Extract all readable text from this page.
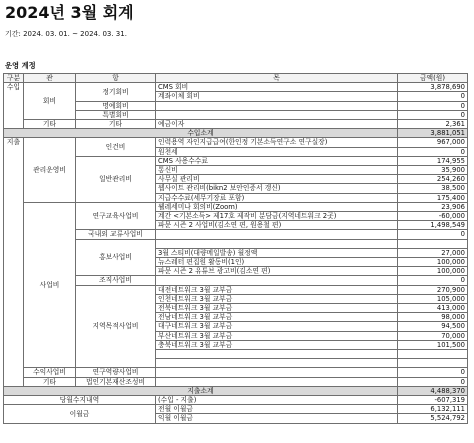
2024년 3월 회계
기간: 2024. 03. 01. ~ 2024. 03. 31.
운영 계정
구분	관	항	목	금액(원)
수입	회비	정기회비	CMS 회비	3,878,690
			계좌이체 회비	0
		명예회비		0
		특별회비		0
	기타	기타	예금이자	2,361
수입소계				3,881,051
지출	관리운영비	인건비	인력용역 자인지급급여(한인정 기본소득연구소 연구실장)	967,000
			원천세	0
		일반관리비	CMS 사용수수료	174,955
			통신비	35,900
			사무실 관리비	254,260
			웹사이트 관리비(bikn2 보안인증서 갱신)	38,500
			지급수수료(세무기장료 포함)	175,400
	사업비	연구교육사업비	웰레세미나 회의비(Zoom)	23,906
			계간 <기본소득> 제17호 제작비 분담금(지역네트워크 2곳)	-60,000
			파문 시즌 2 사업비(김소연 편, 원용철 편)	1,498,549
		국내외 교류사업비		0
		홍보사업비		
			3월 스티비(대량메일발송) 월정액	27,000
			뉴스레터 편집원 활동비(1인)	100,000
			파문 시즌 2 유튜브 광고비(김소연 편)	100,000
		조직사업비		0
		지역목적사업비	대전네트워크 3월 교부금	270,900
			인천네트워크 3월 교부금	105,000
			전북네트워크 3월 교부금	413,000
			전남네트워크 3월 교부금	98,000
			대구네트워크 3월 교부금	94,500
			부산네트워크 3월 교부금	70,000
			충북네트워크 3월 교부금	101,500

	수익사업비	연구역량사업비		0
	기타	법인기본재산조성비		0
지출소계				4,488,370
당월수지내역			(수입 - 지출)	-607,319
이월금			전월 이월금	6,132,111
			익월 이월금	5,524,792
